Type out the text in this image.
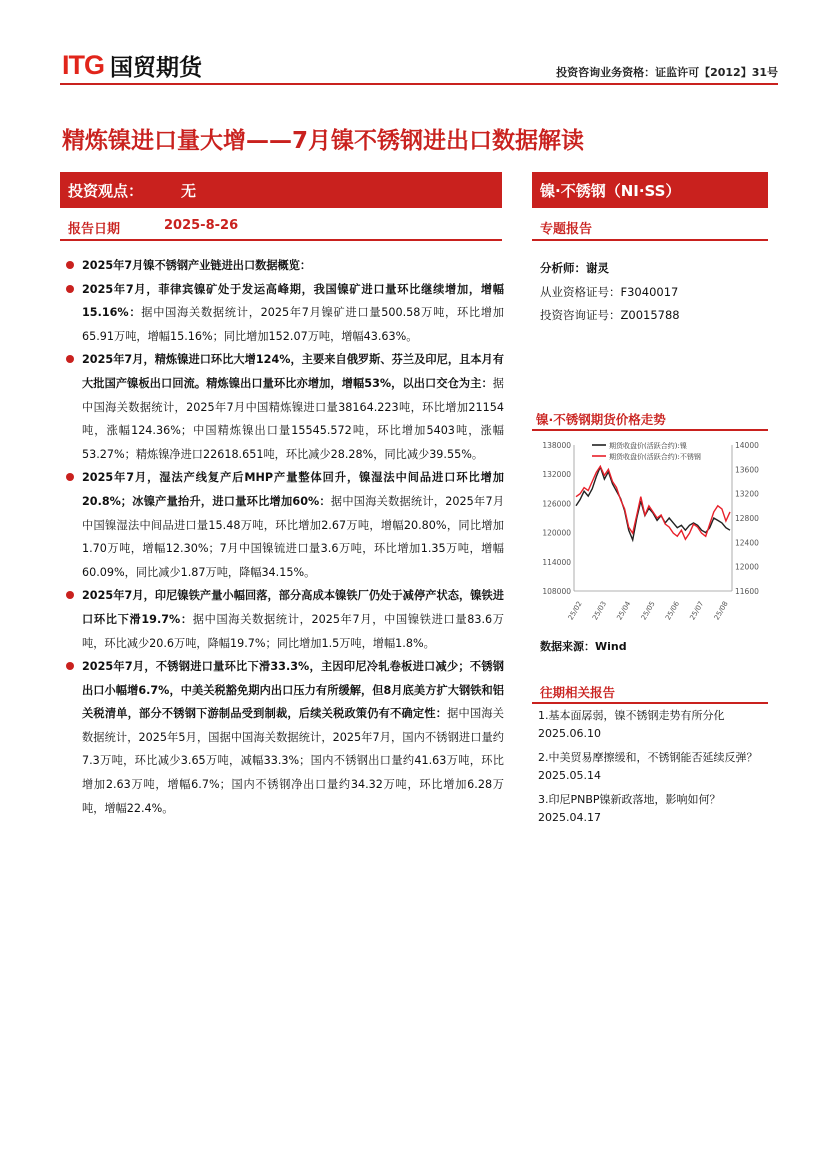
ITG 国贸期货	投资咨询业务资格：证监许可【2012】31号
精炼镍进口量大增——7月镍不锈钢进出口数据解读
投资观点：	无	镍·不锈钢（NI·SS）
报告日期	2025-8-26	专题报告
2025年7月镍不锈钢产业链进出口数据概览：
2025年7月，菲律宾镍矿处于发运高峰期，我国镍矿进口量环比继续增加，增幅15.16%：据中国海关数据统计，2025年7月镍矿进口量500.58万吨，环比增加65.91万吨，增幅15.16%；同比增加152.07万吨，增幅43.63%。
2025年7月，精炼镍进口环比大增124%，主要来自俄罗斯、芬兰及印尼，且本月有大批国产镍板出口回流。精炼镍出口量环比亦增加，增幅53%，以出口交仓为主：据中国海关数据统计，2025年7月中国精炼镍进口量38164.223吨，环比增加21154吨，涨幅124.36%；中国精炼镍出口量15545.572吨，环比增加5403吨，涨幅53.27%；精炼镍净进口22618.651吨，环比减少28.28%，同比减少39.55%。
2025年7月，湿法产线复产后MHP产量整体回升，镍湿法中间品进口环比增加20.8%；冰镍产量抬升，进口量环比增加60%：据中国海关数据统计，2025年7月中国镍湿法中间品进口量15.48万吨，环比增加2.67万吨，增幅20.80%，同比增加1.70万吨，增幅12.30%；7月中国镍锍进口量3.6万吨，环比增加1.35万吨，增幅60.09%，同比减少1.87万吨，降幅34.15%。
2025年7月，印尼镍铁产量小幅回落，部分高成本镍铁厂仍处于减停产状态，镍铁进口环比下滑19.7%：据中国海关数据统计，2025年7月，中国镍铁进口量83.6万吨，环比减少20.6万吨，降幅19.7%；同比增加1.5万吨，增幅1.8%。
2025年7月，不锈钢进口量环比下滑33.3%，主因印尼冷轧卷板进口减少；不锈钢出口小幅增6.7%，中美关税豁免期内出口压力有所缓解，但8月底美方扩大钢铁和铝关税清单，部分不锈钢下游制品受到制裁，后续关税政策仍有不确定性：据中国海关数据统计，2025年5月，国据中国海关数据统计，2025年7月，国内不锈钢进口量约7.3万吨，环比减少3.65万吨，减幅33.3%；国内不锈钢出口量约41.63万吨，环比增加2.63万吨，增幅6.7%；国内不锈钢净出口量约34.32万吨，环比增加6.28万吨，增幅22.4%。
分析师：谢灵
从业资格证号：F3040017
投资咨询证号：Z0015788
镍·不锈钢期货价格走势
108000
114000
120000
126000
132000
138000
11600
12000
12400
12800
13200
13600
14000
25/02 25/03 25/04 25/05 25/06 25/07 25/08
期货收盘价(活跃合约):镍
期货收盘价(活跃合约):不锈钢
数据来源：Wind
往期相关报告
1.基本面孱弱，镍不锈钢走势有所分化
2025.06.10
2.中美贸易摩擦缓和，不锈钢能否延续反弹？
2025.05.14
3.印尼PNBP镍新政落地，影响如何？
2025.04.17
